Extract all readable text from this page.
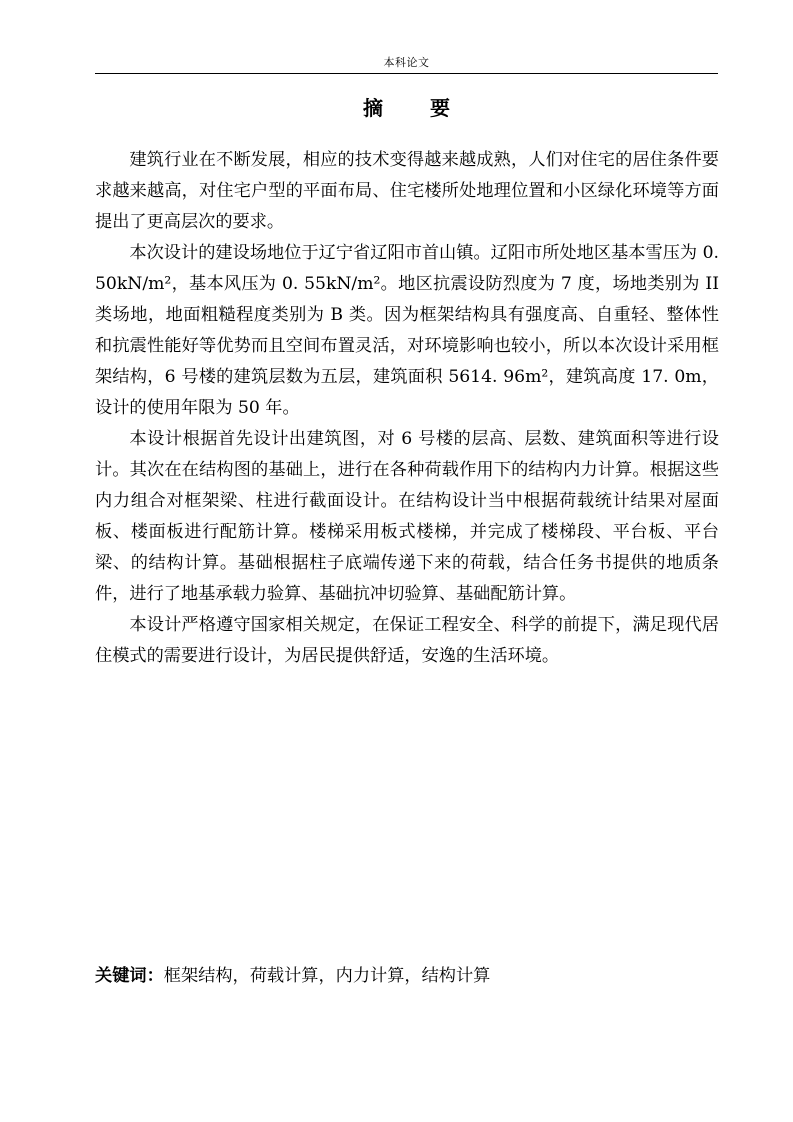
本科论文
摘 要

建筑行业在不断发展，相应的技术变得越来越成熟，人们对住宅的居住条件要求越来越高，对住宅户型的平面布局、住宅楼所处地理位置和小区绿化环境等方面提出了更高层次的要求。

本次设计的建设场地位于辽宁省辽阳市首山镇。辽阳市所处地区基本雪压为 0. 50kN/m²，基本风压为 0. 55kN/m²。地区抗震设防烈度为 7 度，场地类别为 II 类场地，地面粗糙程度类别为 B 类。因为框架结构具有强度高、自重轻、整体性和抗震性能好等优势而且空间布置灵活，对环境影响也较小，所以本次设计采用框架结构，6 号楼的建筑层数为五层，建筑面积 5614. 96m²，建筑高度 17. 0m，设计的使用年限为 50 年。

本设计根据首先设计出建筑图，对 6 号楼的层高、层数、建筑面积等进行设计。其次在在结构图的基础上，进行在各种荷载作用下的结构内力计算。根据这些内力组合对框架梁、柱进行截面设计。在结构设计当中根据荷载统计结果对屋面板、楼面板进行配筋计算。楼梯采用板式楼梯，并完成了楼梯段、平台板、平台梁、的结构计算。基础根据柱子底端传递下来的荷载，结合任务书提供的地质条件，进行了地基承载力验算、基础抗冲切验算、基础配筋计算。

本设计严格遵守国家相关规定，在保证工程安全、科学的前提下，满足现代居住模式的需要进行设计，为居民提供舒适，安逸的生活环境。

关键词：框架结构，荷载计算，内力计算，结构计算
